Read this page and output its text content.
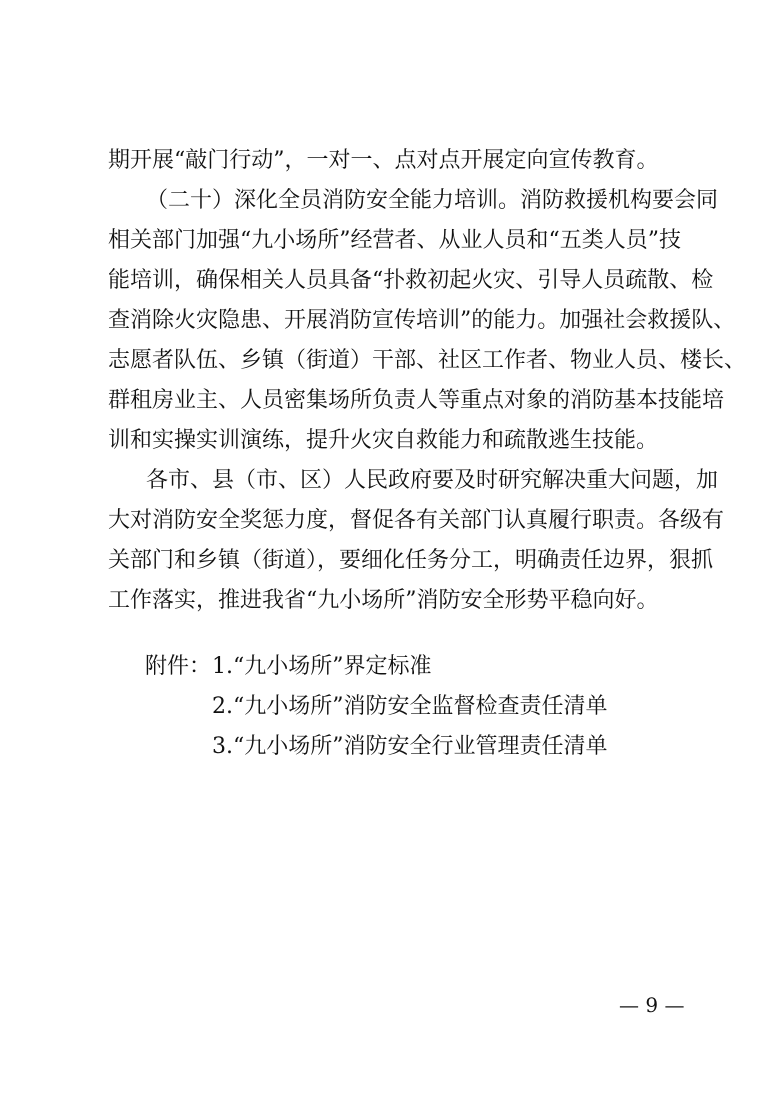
期开展“敲门行动”，一对一、点对点开展定向宣传教育。
（二十）深化全员消防安全能力培训。消防救援机构要会同
相关部门加强“九小场所”经营者、从业人员和“五类人员”技
能培训，确保相关人员具备“扑救初起火灾、引导人员疏散、检
查消除火灾隐患、开展消防宣传培训”的能力。加强社会救援队、
志愿者队伍、乡镇（街道）干部、社区工作者、物业人员、楼长、
群租房业主、人员密集场所负责人等重点对象的消防基本技能培
训和实操实训演练，提升火灾自救能力和疏散逃生技能。
各市、县（市、区）人民政府要及时研究解决重大问题，加
大对消防安全奖惩力度，督促各有关部门认真履行职责。各级有
关部门和乡镇（街道），要细化任务分工，明确责任边界，狠抓
工作落实，推进我省“九小场所”消防安全形势平稳向好。
附件： 1.“九小场所”界定标准
2.“九小场所”消防安全监督检查责任清单
3.“九小场所”消防安全行业管理责任清单
— 9 —
